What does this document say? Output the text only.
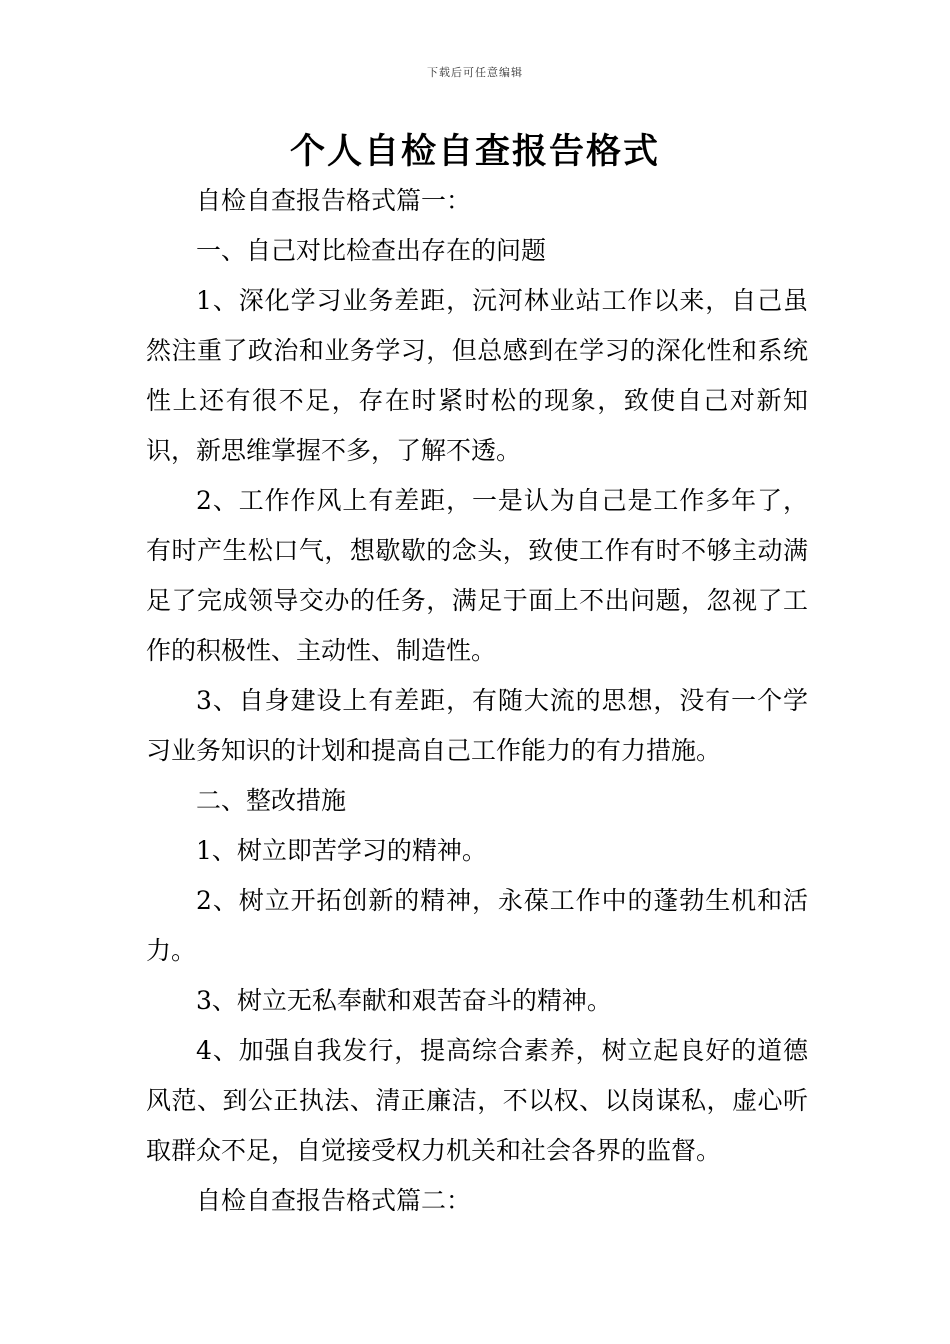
下载后可任意编辑
个人自检自查报告格式

自检自查报告格式篇一：

一、自己对比检查出存在的问题

1、深化学习业务差距，沅河林业站工作以来，自己虽然注重了政治和业务学习，但总感到在学习的深化性和系统性上还有很不足，存在时紧时松的现象，致使自己对新知识，新思维掌握不多，了解不透。

2、工作作风上有差距，一是认为自己是工作多年了，有时产生松口气，想歇歇的念头，致使工作有时不够主动满足了完成领导交办的任务，满足于面上不出问题，忽视了工作的积极性、主动性、制造性。

3、自身建设上有差距，有随大流的思想，没有一个学习业务知识的计划和提高自己工作能力的有力措施。

二、整改措施

1、树立即苦学习的精神。

2、树立开拓创新的精神，永葆工作中的蓬勃生机和活力。

3、树立无私奉献和艰苦奋斗的精神。

4、加强自我发行，提高综合素养，树立起良好的道德风范、到公正执法、清正廉洁，不以权、以岗谋私，虚心听取群众不足，自觉接受权力机关和社会各界的监督。

自检自查报告格式篇二：
